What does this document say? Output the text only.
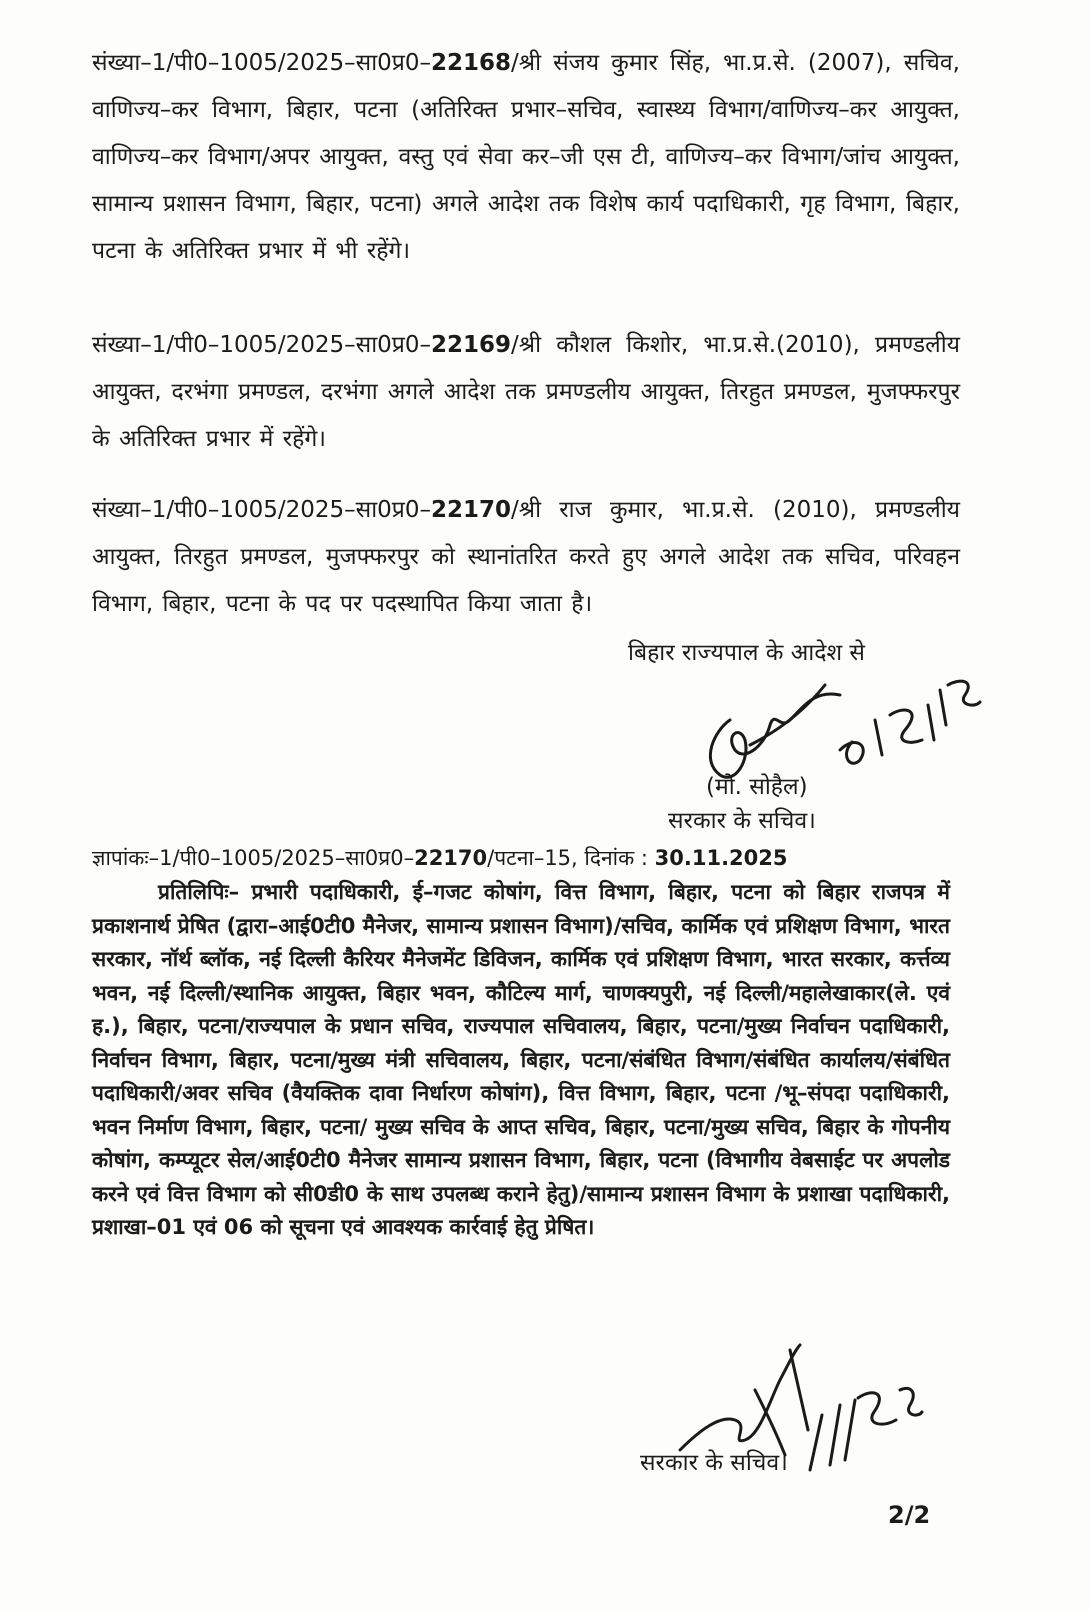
संख्या–1/पी0–1005/2025–सा0प्र0–22168/श्री संजय कुमार सिंह, भा.प्र.से. (2007), सचिव, वाणिज्य–कर विभाग, बिहार, पटना (अतिरिक्त प्रभार–सचिव, स्वास्थ्य विभाग/वाणिज्य–कर आयुक्त, वाणिज्य–कर विभाग/अपर आयुक्त, वस्तु एवं सेवा कर–जी एस टी, वाणिज्य–कर विभाग/जांच आयुक्त, सामान्य प्रशासन विभाग, बिहार, पटना) अगले आदेश तक विशेष कार्य पदाधिकारी, गृह विभाग, बिहार, पटना के अतिरिक्त प्रभार में भी रहेंगे।
संख्या–1/पी0–1005/2025–सा0प्र0–22169/श्री कौशल किशोर, भा.प्र.से.(2010), प्रमण्डलीय आयुक्त, दरभंगा प्रमण्डल, दरभंगा अगले आदेश तक प्रमण्डलीय आयुक्त, तिरहुत प्रमण्डल, मुजफ्फरपुर के अतिरिक्त प्रभार में रहेंगे।
संख्या–1/पी0–1005/2025–सा0प्र0–22170/श्री राज कुमार, भा.प्र.से. (2010), प्रमण्डलीय आयुक्त, तिरहुत प्रमण्डल, मुजफ्फरपुर को स्थानांतरित करते हुए अगले आदेश तक सचिव, परिवहन विभाग, बिहार, पटना के पद पर पदस्थापित किया जाता है।
बिहार राज्यपाल के आदेश से
(मो. सोहैल)
सरकार के सचिव।
ज्ञापांकः–1/पी0–1005/2025–सा0प्र0–22170/पटना–15, दिनांक : 30.11.2025
प्रतिलिपिः– प्रभारी पदाधिकारी, ई–गजट कोषांग, वित्त विभाग, बिहार, पटना को बिहार राजपत्र में प्रकाशनार्थ प्रेषित (द्वारा–आई0टी0 मैनेजर, सामान्य प्रशासन विभाग)/सचिव, कार्मिक एवं प्रशिक्षण विभाग, भारत सरकार, नॉर्थ ब्लॉक, नई दिल्ली कैरियर मैनेजमेंट डिविजन, कार्मिक एवं प्रशिक्षण विभाग, भारत सरकार, कर्त्तव्य भवन, नई दिल्ली/स्थानिक आयुक्त, बिहार भवन, कौटिल्य मार्ग, चाणक्यपुरी, नई दिल्ली/महालेखाकार(ले. एवं ह.), बिहार, पटना/राज्यपाल के प्रधान सचिव, राज्यपाल सचिवालय, बिहार, पटना/मुख्य निर्वाचन पदाधिकारी, निर्वाचन विभाग, बिहार, पटना/मुख्य मंत्री सचिवालय, बिहार, पटना/संबंधित विभाग/संबंधित कार्यालय/संबंधित पदाधिकारी/अवर सचिव (वैयक्तिक दावा निर्धारण कोषांग), वित्त विभाग, बिहार, पटना /भू–संपदा पदाधिकारी, भवन निर्माण विभाग, बिहार, पटना/ मुख्य सचिव के आप्त सचिव, बिहार, पटना/मुख्य सचिव, बिहार के गोपनीय कोषांग, कम्प्यूटर सेल/आई0टी0 मैनेजर सामान्य प्रशासन विभाग, बिहार, पटना (विभागीय वेबसाईट पर अपलोड करने एवं वित्त विभाग को सी0डी0 के साथ उपलब्ध कराने हेतु)/सामान्य प्रशासन विभाग के प्रशाखा पदाधिकारी, प्रशाखा–01 एवं 06 को सूचना एवं आवश्यक कार्रवाई हेतु प्रेषित।
सरकार के सचिव।
2/2
